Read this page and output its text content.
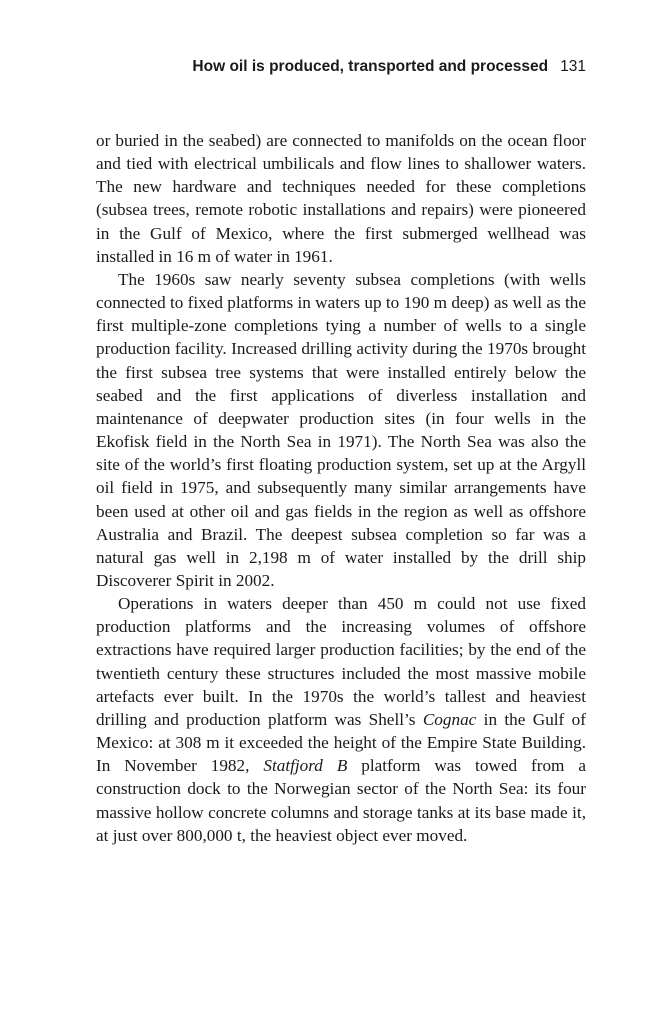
How oil is produced, transported and processed 131

or buried in the seabed) are connected to manifolds on the ocean floor and tied with electrical umbilicals and flow lines to shallower waters. The new hardware and techniques needed for these completions (subsea trees, remote robotic installations and repairs) were pioneered in the Gulf of Mexico, where the first submerged wellhead was installed in 16 m of water in 1961.

The 1960s saw nearly seventy subsea completions (with wells connected to fixed platforms in waters up to 190 m deep) as well as the first multiple-zone completions tying a number of wells to a single production facility. Increased drilling activity during the 1970s brought the first subsea tree systems that were installed entirely below the seabed and the first applications of diverless installation and maintenance of deepwater production sites (in four wells in the Ekofisk field in the North Sea in 1971). The North Sea was also the site of the world’s first floating production system, set up at the Argyll oil field in 1975, and subsequently many similar arrangements have been used at other oil and gas fields in the region as well as offshore Australia and Brazil. The deepest subsea completion so far was a natural gas well in 2,198 m of water installed by the drill ship Discoverer Spirit in 2002.

Operations in waters deeper than 450 m could not use fixed production platforms and the increasing volumes of offshore extractions have required larger production facilities; by the end of the twentieth century these structures included the most massive mobile artefacts ever built. In the 1970s the world’s tallest and heaviest drilling and production platform was Shell’s Cognac in the Gulf of Mexico: at 308 m it exceeded the height of the Empire State Building. In November 1982, Statfjord B platform was towed from a construction dock to the Norwegian sector of the North Sea: its four massive hollow concrete columns and storage tanks at its base made it, at just over 800,000 t, the heaviest object ever moved.
